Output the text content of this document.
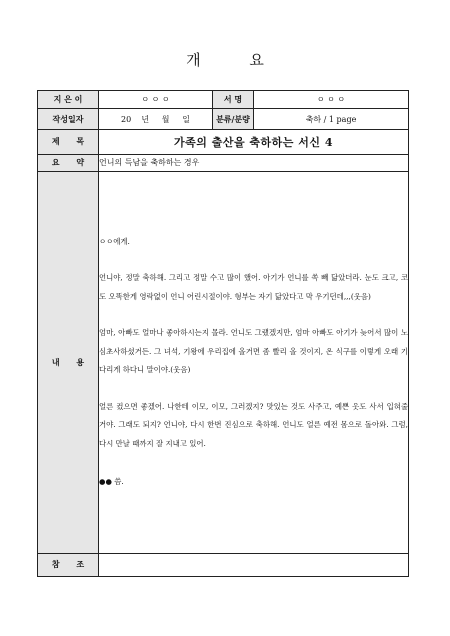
개 요
지 은 이	ㅇ ㅇ ㅇ	서 명	ㅇ ㅇ ㅇ
작성일자	20    년     월     일	분류/분량	축하 / 1 page
제      목	가족의 출산을 축하하는 서신 4		
요      약	언니의 득남을 축하하는 경우		
내      용	ㅇㅇ에게.

언니야, 정말 축하해. 그리고 정말 수고 많이 했어. 아기가 언니를 쏙 빼 닮았더라. 눈도 크고, 코도 오똑한게 영락없이 언니 어린시절이야. 형부는 자기 닮았다고 막 우기던데,,,(웃음)

엄마, 아빠도 얼마나 좋아하시는지 몰라. 언니도 그랬겠지만, 엄마 아빠도 아기가 늦어서 많이 노심초사하셨거든. 그 녀석, 기왕에 우리집에 올거면 좀 빨리 올 것이지, 온 식구를 이렇게 오래 기다리게 하다니 말이야.(웃음)

얼른 컸으면 좋겠어. 나한테 이모, 이모, 그러겠지? 맛있는 것도 사주고, 예쁜 옷도 사서 입혀줄 거야. 그래도 되지? 언니야, 다시 한번 진심으로 축하해. 언니도 얼른 예전 몸으로 돌아와. 그럼, 다시 만날 때까지 잘 지내고 있어.

●● 씀.		

참      조			
